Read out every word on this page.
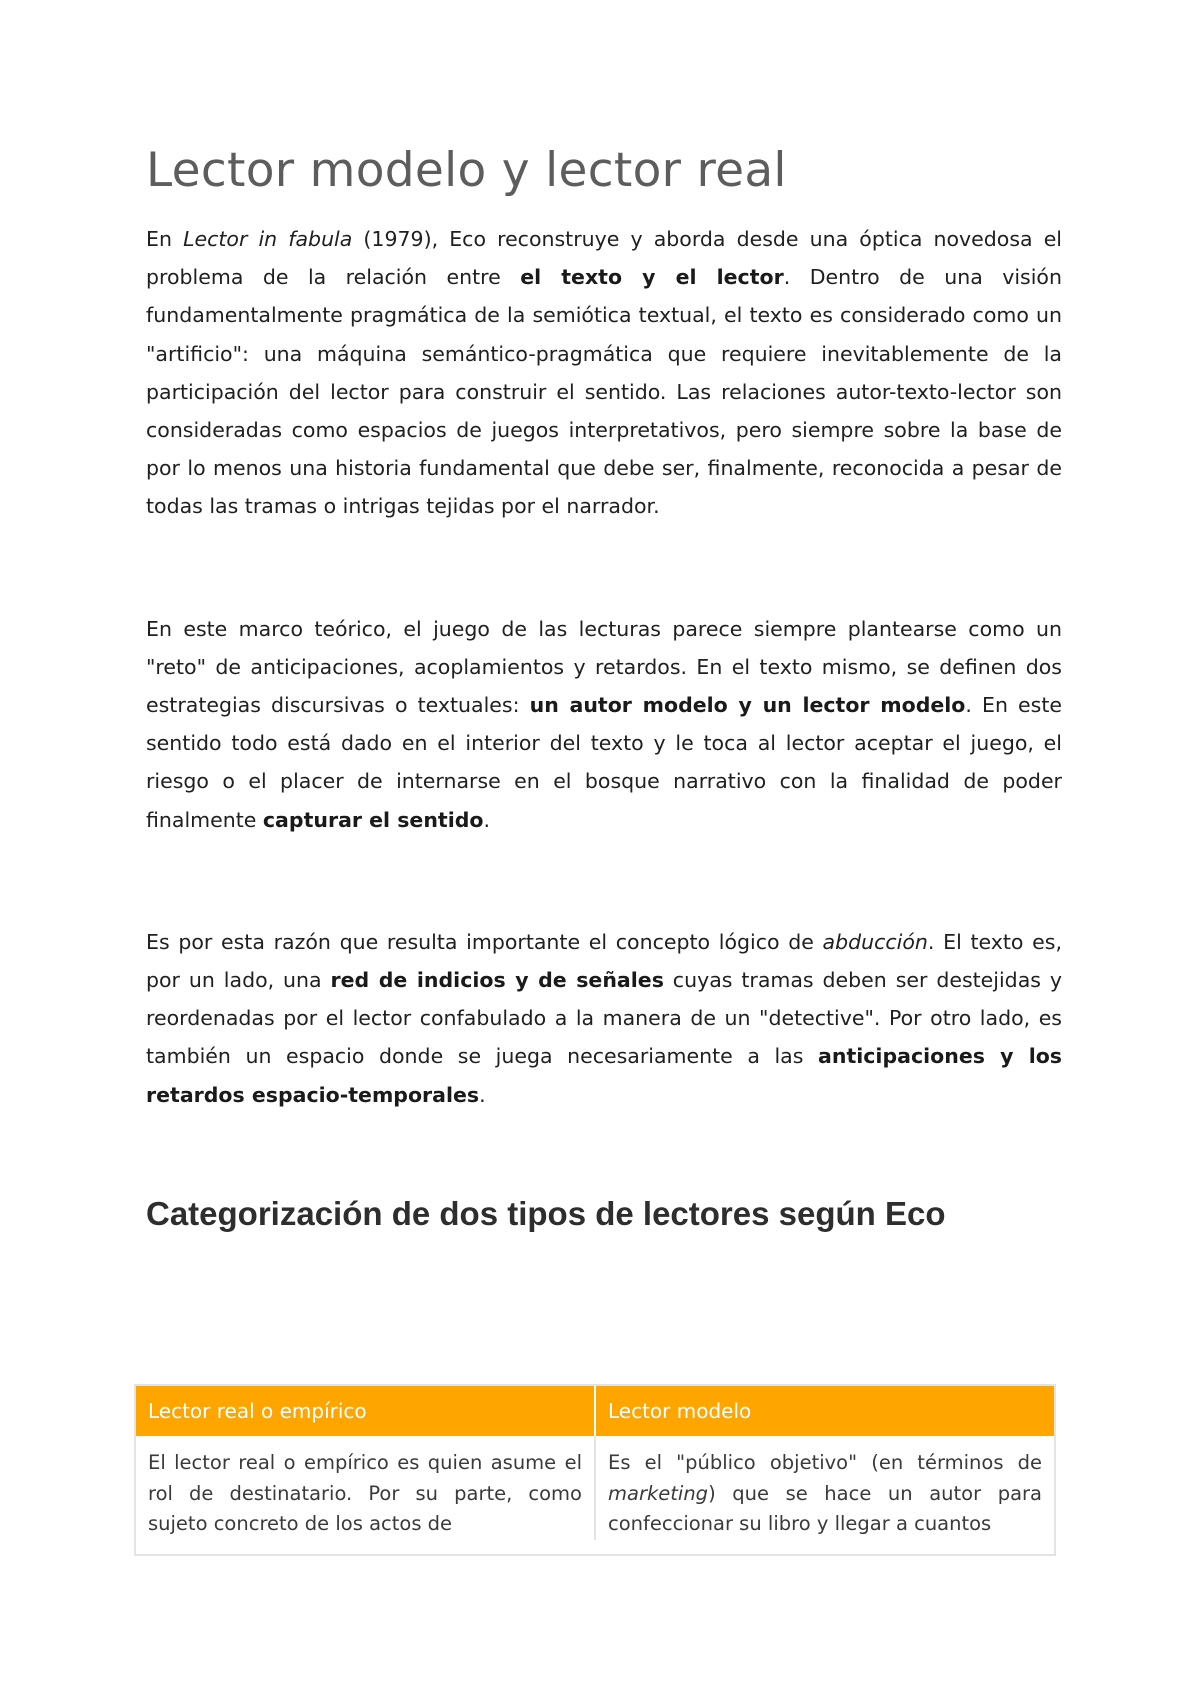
Lector modelo y lector real

En Lector in fabula (1979), Eco reconstruye y aborda desde una óptica novedosa el problema de la relación entre el texto y el lector. Dentro de una visión fundamentalmente pragmática de la semiótica textual, el texto es considerado como un "artificio": una máquina semántico-pragmática que requiere inevitablemente de la participación del lector para construir el sentido. Las relaciones autor-texto-lector son consideradas como espacios de juegos interpretativos, pero siempre sobre la base de por lo menos una historia fundamental que debe ser, finalmente, reconocida a pesar de todas las tramas o intrigas tejidas por el narrador.

En este marco teórico, el juego de las lecturas parece siempre plantearse como un "reto" de anticipaciones, acoplamientos y retardos. En el texto mismo, se definen dos estrategias discursivas o textuales: un autor modelo y un lector modelo. En este sentido todo está dado en el interior del texto y le toca al lector aceptar el juego, el riesgo o el placer de internarse en el bosque narrativo con la finalidad de poder finalmente capturar el sentido.

Es por esta razón que resulta importante el concepto lógico de abducción. El texto es, por un lado, una red de indicios y de señales cuyas tramas deben ser destejidas y reordenadas por el lector confabulado a la manera de un "detective". Por otro lado, es también un espacio donde se juega necesariamente a las anticipaciones y los retardos espacio-temporales.

Categorización de dos tipos de lectores según Eco
Lector real o empírico	Lector modelo
El lector real o empírico es quien asume el rol de destinatario. Por su parte, como sujeto concreto de los actos de	Es el "público objetivo" (en términos de marketing) que se hace un autor para confeccionar su libro y llegar a cuantos
